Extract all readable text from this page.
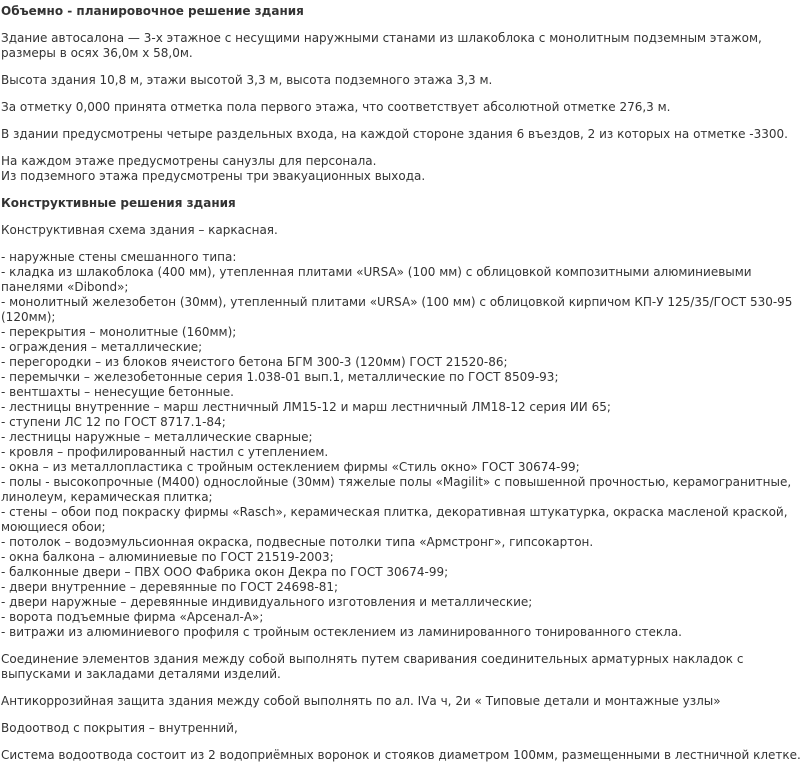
Объемно - планировочное решение здания
Здание автосалона — 3-х этажное с несущими наружными станами из шлакоблока с монолитным подземным этажом,
размеры в осях 36,0м х 58,0м.
Высота здания 10,8 м, этажи высотой 3,3 м, высота подземного этажа 3,3 м.
За отметку 0,000 принята отметка пола первого этажа, что соответствует абсолютной отметке 276,3 м.
В здании предусмотрены четыре раздельных входа, на каждой стороне здания 6 въездов, 2 из которых на отметке -3300.
На каждом этаже предусмотрены санузлы для персонала.
Из подземного этажа предусмотрены три эвакуационных выхода.
Конструктивные решения здания
Конструктивная схема здания – каркасная.
- наружные стены смешанного типа:
- кладка из шлакоблока (400 мм), утепленная плитами «URSA» (100 мм) с облицовкой композитными алюминиевыми
панелями «Dibond»;
- монолитный железобетон (30мм), утепленный плитами «URSA» (100 мм) с облицовкой кирпичом КП-У 125/35/ГОСТ 530-95
(120мм);
- перекрытия – монолитные (160мм);
- ограждения – металлические;
- перегородки – из блоков ячеистого бетона БГМ 300-3 (120мм) ГОСТ 21520-86;
- перемычки – железобетонные серия 1.038-01 вып.1, металлические по ГОСТ 8509-93;
- вентшахты – ненесущие бетонные.
- лестницы внутренние – марш лестничный ЛМ15-12 и марш лестничный ЛМ18-12 серия ИИ 65;
- ступени ЛС 12 по ГОСТ 8717.1-84;
- лестницы наружные – металлические сварные;
- кровля – профилированный настил с утеплением.
- окна – из металлопластика с тройным остеклением фирмы «Стиль окно» ГОСТ 30674-99;
- полы - высокопрочные (М400) однослойные (30мм) тяжелые полы «Magilit» с повышенной прочностью, керамогранитные,
линолеум, керамическая плитка;
- стены – обои под покраску фирмы «Rasch», керамическая плитка, декоративная штукатурка, окраска масленой краской,
моющиеся обои;
- потолок – водоэмульсионная окраска, подвесные потолки типа «Армстронг», гипсокартон.
- окна балкона – алюминиевые по ГОСТ 21519-2003;
- балконные двери – ПВХ ООО Фабрика окон Декра по ГОСТ 30674-99;
- двери внутренние – деревянные по ГОСТ 24698-81;
- двери наружные – деревянные индивидуального изготовления и металлические;
- ворота подъемные фирма «Арсенал-А»;
- витражи из алюминиевого профиля с тройным остеклением из ламинированного тонированного стекла.
Соединение элементов здания между собой выполнять путем сваривания соединительных арматурных накладок с
выпусками и закладами деталями изделий.
Антикоррозийная защита здания между собой выполнять по ал. IVа ч, 2и « Типовые детали и монтажные узлы»
Водоотвод с покрытия – внутренний,
Система водоотвода состоит из 2 водоприёмных воронок и стояков диаметром 100мм, размещенными в лестничной клетке.
